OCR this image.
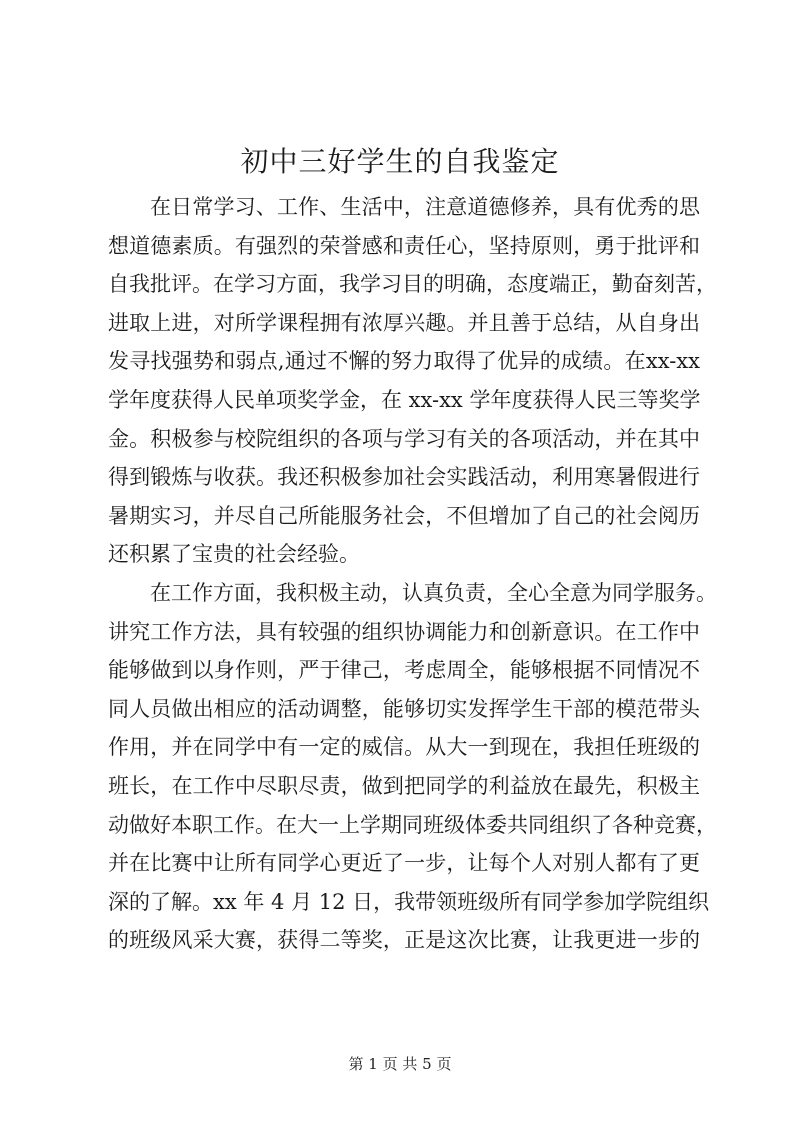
初中三好学生的自我鉴定

在日常学习、工作、生活中，注意道德修养，具有优秀的思

想道德素质。有强烈的荣誉感和责任心，坚持原则，勇于批评和

自我批评。在学习方面，我学习目的明确，态度端正，勤奋刻苦，

进取上进，对所学课程拥有浓厚兴趣。并且善于总结，从自身出

发寻找强势和弱点,通过不懈的努力取得了优异的成绩。在xx-xx

学年度获得人民单项奖学金，在 xx-xx 学年度获得人民三等奖学

金。积极参与校院组织的各项与学习有关的各项活动，并在其中

得到锻炼与收获。我还积极参加社会实践活动，利用寒暑假进行

暑期实习，并尽自己所能服务社会，不但增加了自己的社会阅历

还积累了宝贵的社会经验。

在工作方面，我积极主动，认真负责，全心全意为同学服务。

讲究工作方法，具有较强的组织协调能力和创新意识。在工作中

能够做到以身作则，严于律己，考虑周全，能够根据不同情况不

同人员做出相应的活动调整，能够切实发挥学生干部的模范带头

作用，并在同学中有一定的威信。从大一到现在，我担任班级的

班长，在工作中尽职尽责，做到把同学的利益放在最先，积极主

动做好本职工作。在大一上学期同班级体委共同组织了各种竞赛，

并在比赛中让所有同学心更近了一步，让每个人对别人都有了更

深的了解。xx 年 4 月 12 日，我带领班级所有同学参加学院组织

的班级风采大赛，获得二等奖，正是这次比赛，让我更进一步的

第 1 页 共 5 页
